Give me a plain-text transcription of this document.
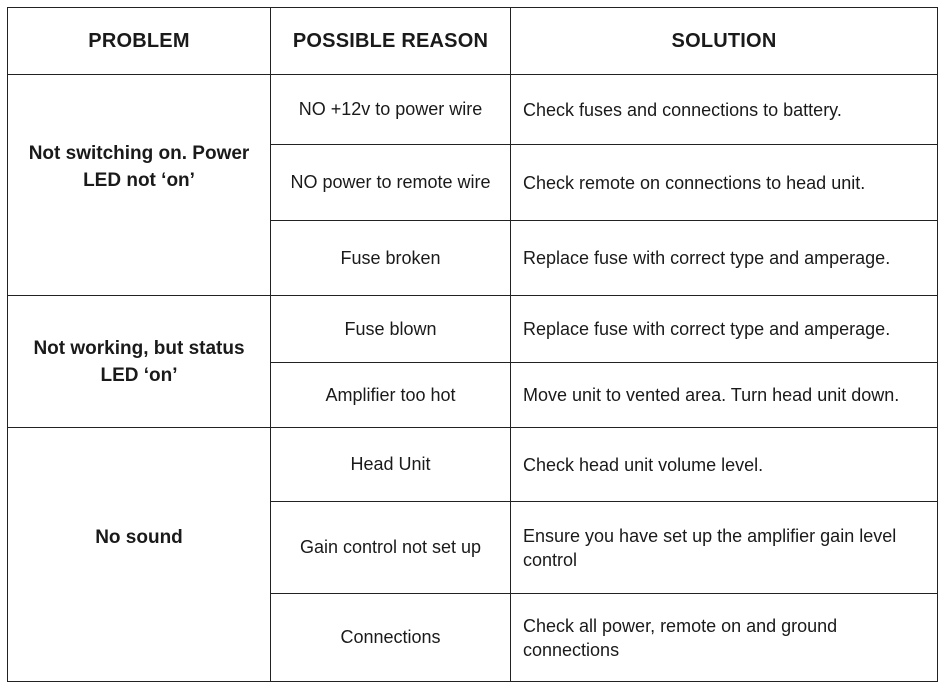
PROBLEM	POSSIBLE REASON	SOLUTION

Not switching on. Power LED not ‘on’	NO +12v to power wire	Check fuses and connections to battery.
	NO power to remote wire	Check remote on connections to head unit.
	Fuse broken	Replace fuse with correct type and amperage.

Not working, but status LED ‘on’	Fuse blown	Replace fuse with correct type and amperage.
	Amplifier too hot	Move unit to vented area. Turn head unit down.

No sound	Head Unit	Check head unit volume level.
	Gain control not set up	Ensure you have set up the amplifier gain level control
	Connections	Check all power, remote on and ground connections
